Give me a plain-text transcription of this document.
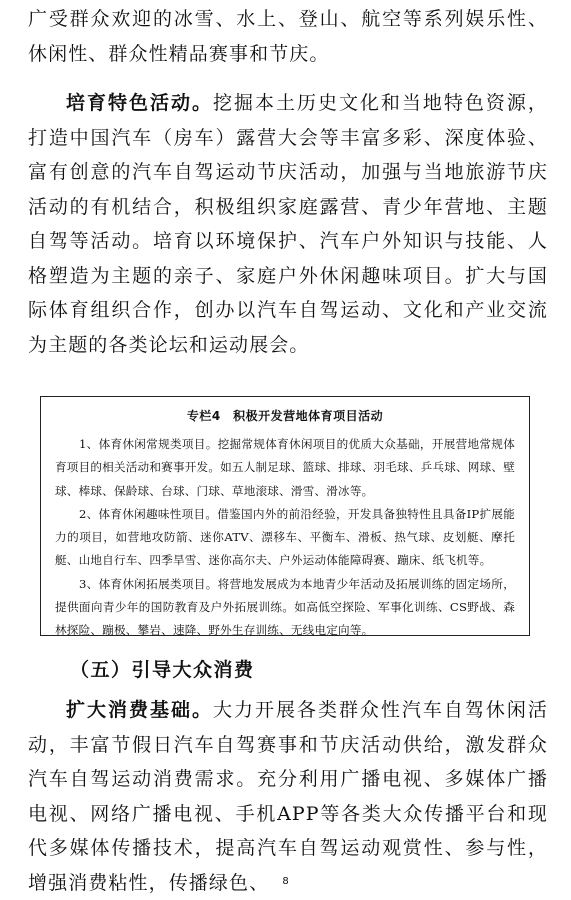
广受群众欢迎的冰雪、水上、登山、航空等系列娱乐性、休闲性、群众性精品赛事和节庆。

培育特色活动。挖掘本土历史文化和当地特色资源，打造中国汽车（房车）露营大会等丰富多彩、深度体验、富有创意的汽车自驾运动节庆活动，加强与当地旅游节庆活动的有机结合，积极组织家庭露营、青少年营地、主题自驾等活动。培育以环境保护、汽车户外知识与技能、人格塑造为主题的亲子、家庭户外休闲趣味项目。扩大与国际体育组织合作，创办以汽车自驾运动、文化和产业交流为主题的各类论坛和运动展会。

专栏4　积极开发营地体育项目活动

1、体育休闲常规类项目。挖掘常规体育休闲项目的优质大众基础，开展营地常规体育项目的相关活动和赛事开发。如五人制足球、篮球、排球、羽毛球、乒乓球、网球、壁球、棒球、保龄球、台球、门球、草地滚球、滑雪、滑冰等。

2、体育休闲趣味性项目。借鉴国内外的前沿经验，开发具备独特性且具备IP扩展能力的项目，如营地攻防箭、迷你ATV、漂移车、平衡车、滑板、热气球、皮划艇、摩托艇、山地自行车、四季旱雪、迷你高尔夫、户外运动体能障碍赛、蹦床、纸飞机等。

3、体育休闲拓展类项目。将营地发展成为本地青少年活动及拓展训练的固定场所，提供面向青少年的国防教育及户外拓展训练。如高低空探险、军事化训练、CS野战、森林探险、蹦极、攀岩、速降、野外生存训练、无线电定向等。

（五）引导大众消费

扩大消费基础。大力开展各类群众性汽车自驾休闲活动，丰富节假日汽车自驾赛事和节庆活动供给，激发群众汽车自驾运动消费需求。充分利用广播电视、多媒体广播电视、网络广播电视、手机APP等各类大众传播平台和现代多媒体传播技术，提高汽车自驾运动观赏性、参与性，增强消费粘性，传播绿色、	8
